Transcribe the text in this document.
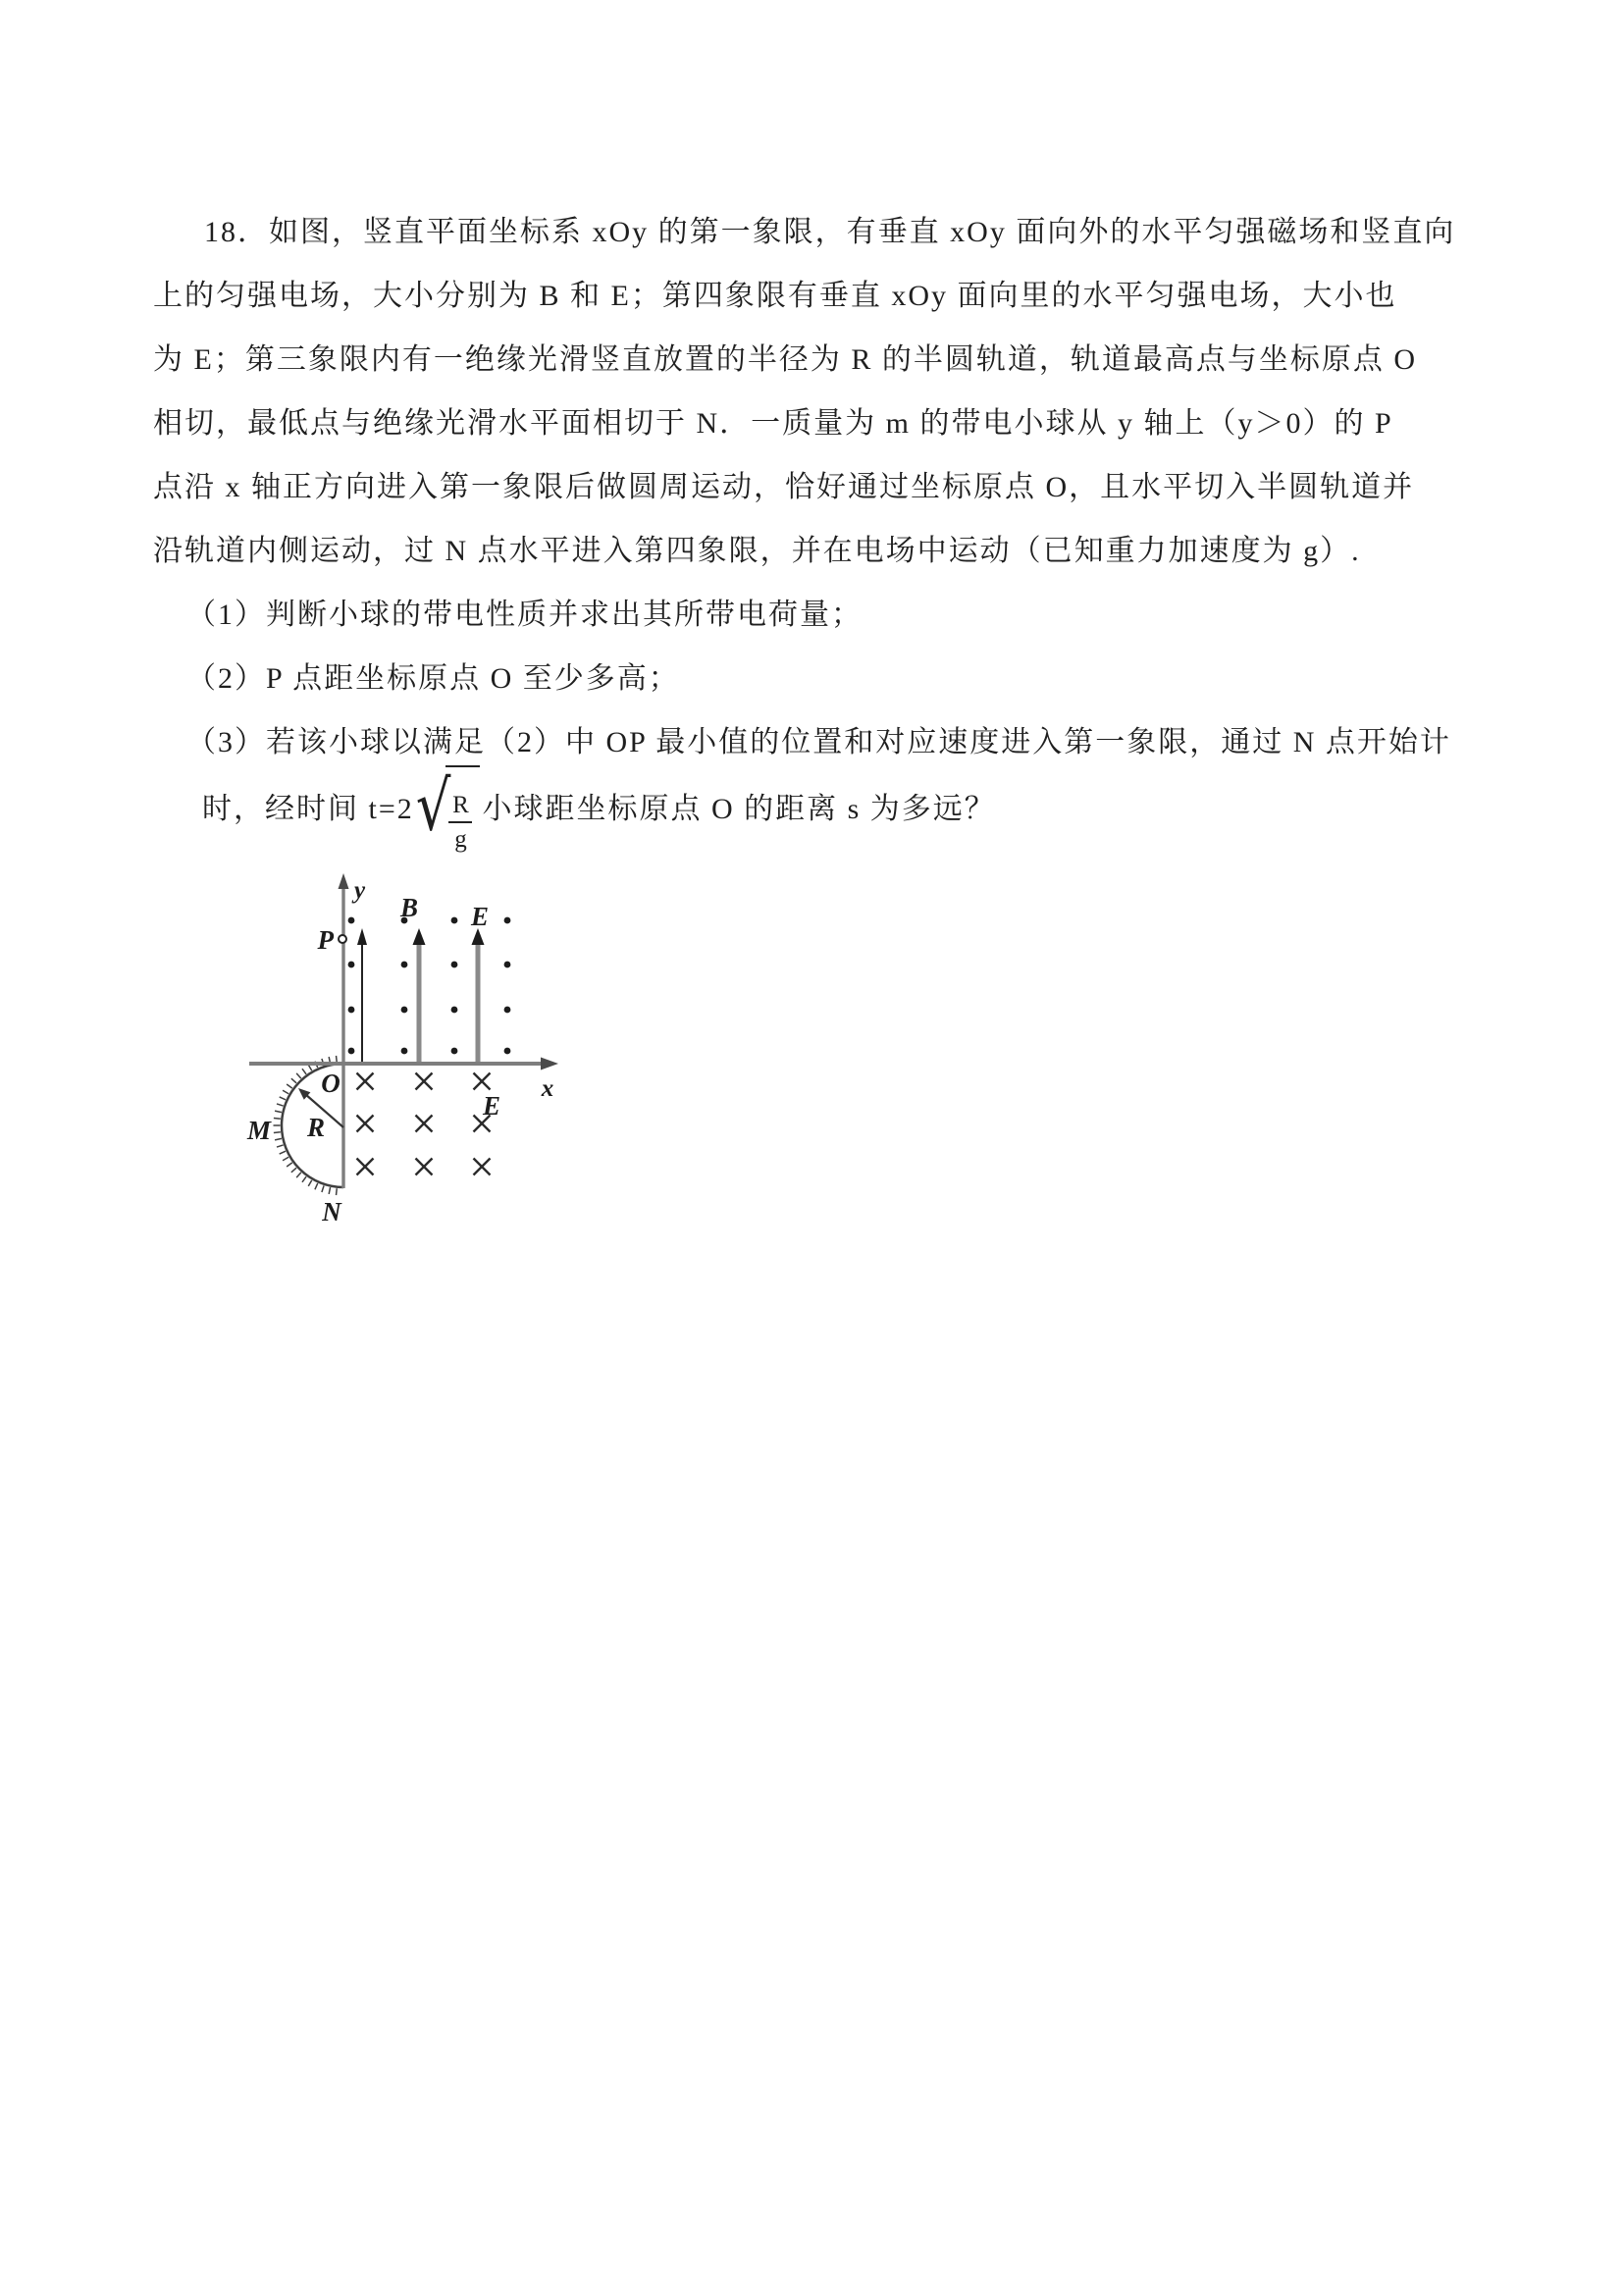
18．如图，竖直平面坐标系 xOy 的第一象限，有垂直 xOy 面向外的水平匀强磁场和竖直向

上的匀强电场，大小分别为 B 和 E；第四象限有垂直 xOy 面向里的水平匀强电场，大小也

为 E；第三象限内有一绝缘光滑竖直放置的半径为 R 的半圆轨道，轨道最高点与坐标原点 O

相切，最低点与绝缘光滑水平面相切于 N．一质量为 m 的带电小球从 y 轴上（y＞0）的 P

点沿 x 轴正方向进入第一象限后做圆周运动，恰好通过坐标原点 O，且水平切入半圆轨道并

沿轨道内侧运动，过 N 点水平进入第四象限，并在电场中运动（已知重力加速度为 g）.

（1）判断小球的带电性质并求出其所带电荷量；

（2）P 点距坐标原点 O 至少多高；

（3）若该小球以满足（2）中 OP 最小值的位置和对应速度进入第一象限，通过 N 点开始计

时，经时间 t=2 √
$\frac{R}{g}$ 小球距坐标原点 O 的距离 s 为多远？

y
x
O
P
B E
E
M R
N
